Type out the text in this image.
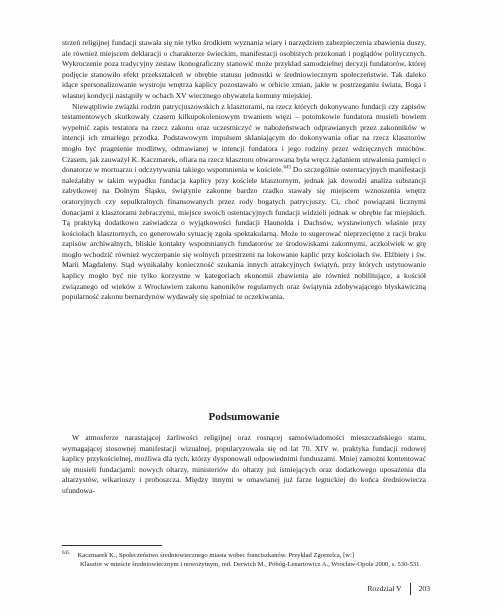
strzeń religijnej fundacji stawała się nie tylko środkiem wyznania wiary i narzędziem zabezpieczenia zbawienia duszy, ale również miejscem deklaracji o charakterze świeckim, manifestacji osobistych przekonań i poglądów politycznych. Wykroczenie poza tradycyjny zestaw ikonograficzny stanowić może przykład samodzielnej decyzji fundatorów, której podjęcie stanowiło efekt przekształceń w obrębie statusu jednostki w średniowiecznym społeczeństwie. Tak daleko idące spersonalizowanie wystroju wnętrza kaplicy pozostawało w orbicie zmian, jakie w postrzeganiu świata, Boga i własnej kondycji nastąpiły w ochach XV wiecznego obywatela komuny miejskiej.

Niewątpliwie związki rodzin patrycjuszowskich z klasztorami, na rzecz których dokonywano fundacji czy zapisów testamentowych skutkowały czasem kilkupokoleniowym trwaniem więzi – potomkowie fundatora musieli bowiem wypełnić zapis testatora na rzecz zakonu oraz uczestniczyć w nabożeństwach odprawianych przez zakonników w intencji ich zmarłego przodka. Podstawowym impulsem skłaniającym do dokonywania ofiar na rzecz klasztorów mogło być pragnienie modlitwy, odmawianej w intencji fundatora i jego rodziny przez wdzięcznych mnichów. Czasem, jak zauważył K. Kaczmarek, ofiara na rzecz klasztoru obwarowana była wręcz żądaniem utrwalenia pamięci o donatorze w mortuarzu i odczytywania takiego wspomnienia w kościele.$^{645}$ Do szczególnie ostentacyjnych manifestacji należałaby w takim wypadku fundacja kaplicy przy kościele klasztornym, jednak jak dowodzi analiza substancji zabytkowej na Dolnym Śląsku, świątynie zakonne bardzo rzadko stawały się miejscem wznoszenia wnętrz oratoryjnych czy sepulkralnych finansowanych przez rody bogatych patrycjuszy. Ci, choć powiązani licznymi donacjami z klasztorami żebraczymi, miejsce swoich ostentacyjnych fundacji widzieli jednak w obrębie far miejskich. Tą praktyką dodatkowo zaświadcza o wyjątkowości fundacji Haunolda i Dachsów, wystawionych właśnie przy kościołach klasztornych, co generowało sytuację zgoła spektakularną. Może to sugerować nieprzeciętne z racji braku zapisów archiwalnych, bliskie kontakty wspomnianych fundatorów ze środowiskami zakonnymi, aczkolwiek w grę mogło wchodzić również wyczerpanie się wolnych przestrzeni na lokowanie kaplic przy kościołach św. Elżbiety i św. Marii Magdaleny. Stąd wynikałaby konieczność szukania innych atrakcyjnych świątyń, przy których ustytuowanie kaplicy mogło być nie tylko korzystne w kategoriach ekonomii zbawienia ale również nobilitujące, a kościół związanego od wieków z Wrocławiem zakonu kanoników regularnych oraz świątynia zdobywającego błyskawiczną popularność zakonu bernardynów wydawały się spełniać te oczekiwania.

Podsumowanie

W atmosferze narastającej żarliwości religijnej oraz rosnącej samoświadomości mieszczańskiego stanu, wymagającej stosownej manifestacji wizualnej, popularyzowała się od lat 70. XIV w. praktyka fundacji rodowej kaplicy przykościelnej, możliwa dla tych, którzy dysponowali odpowiednimi funduszami. Mniej zamożni kontentować się musieli fundacjami: nowych ołtarzy, ministeriów do ołtarzy już istniejących oraz dodatkowego uposażenia dla altarzystów, wikariuszy i proboszcza. Między innymi w omawianej już farze legnickiej do końca średniowiecza ufundowa-

$^{645}$ Kaczmarek K., Społeczeństwo średniowiecznego miasta wobec franciszkanów. Przykład Zgorzelca, [w:]
Klasztor w mieście średniowiecznym i nowożytnym, red. Derwich M., Pobóg-Lenartowicz A., Wrocław-Opole 2000, s. 530-531.
Rozdział V	203
